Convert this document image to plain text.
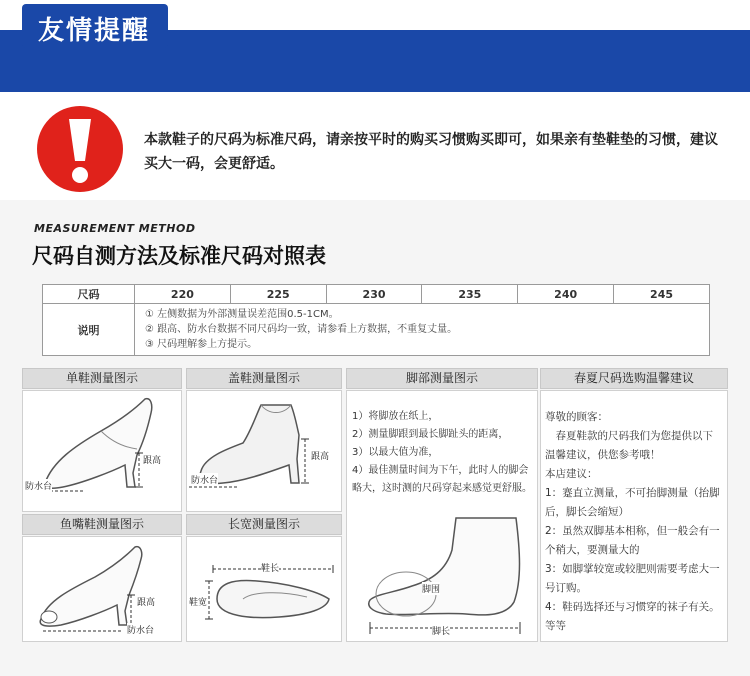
友情提醒
本款鞋子的尺码为标准尺码，请亲按平时的购买习惯购买即可，如果亲有垫鞋垫的习惯，建议买大一码，会更舒适。
MEASUREMENT METHOD
尺码自测方法及标准尺码对照表
尺码	220	225	230	235	240	245
说明	① 左侧数据为外部测量误差范围0.5-1CM。
② 跟高、防水台数据不同尺码均一致，请参看上方数据，不重复丈量。
③ 尺码理解参上方提示。					
单鞋测量图示
跟高
防水台
盖鞋测量图示
跟高
防水台
脚部测量图示
1）将脚放在纸上，
2）测量脚跟到最长脚趾头的距离，
3）以最大值为准，
4）最佳测量时间为下午，此时人的脚会略大，这时测的尺码穿起来感觉更舒服。
脚围
脚长
春夏尺码选购温馨建议
尊敬的顾客：
　春夏鞋款的尺码我们为您提供以下温馨建议，供您参考哦！
本店建议：
1：蹇直立测量，不可抬脚测量（抬脚后，脚长会缩短）
2：虽然双脚基本相称，但一般会有一个稍大，要测量大的
3：如脚掌较宽或较肥则需要考虑大一号订购。
4：鞋码选择还与习惯穿的袜子有关。等等
鱼嘴鞋测量图示
跟高
防水台
长宽测量图示
鞋长
鞋宽
